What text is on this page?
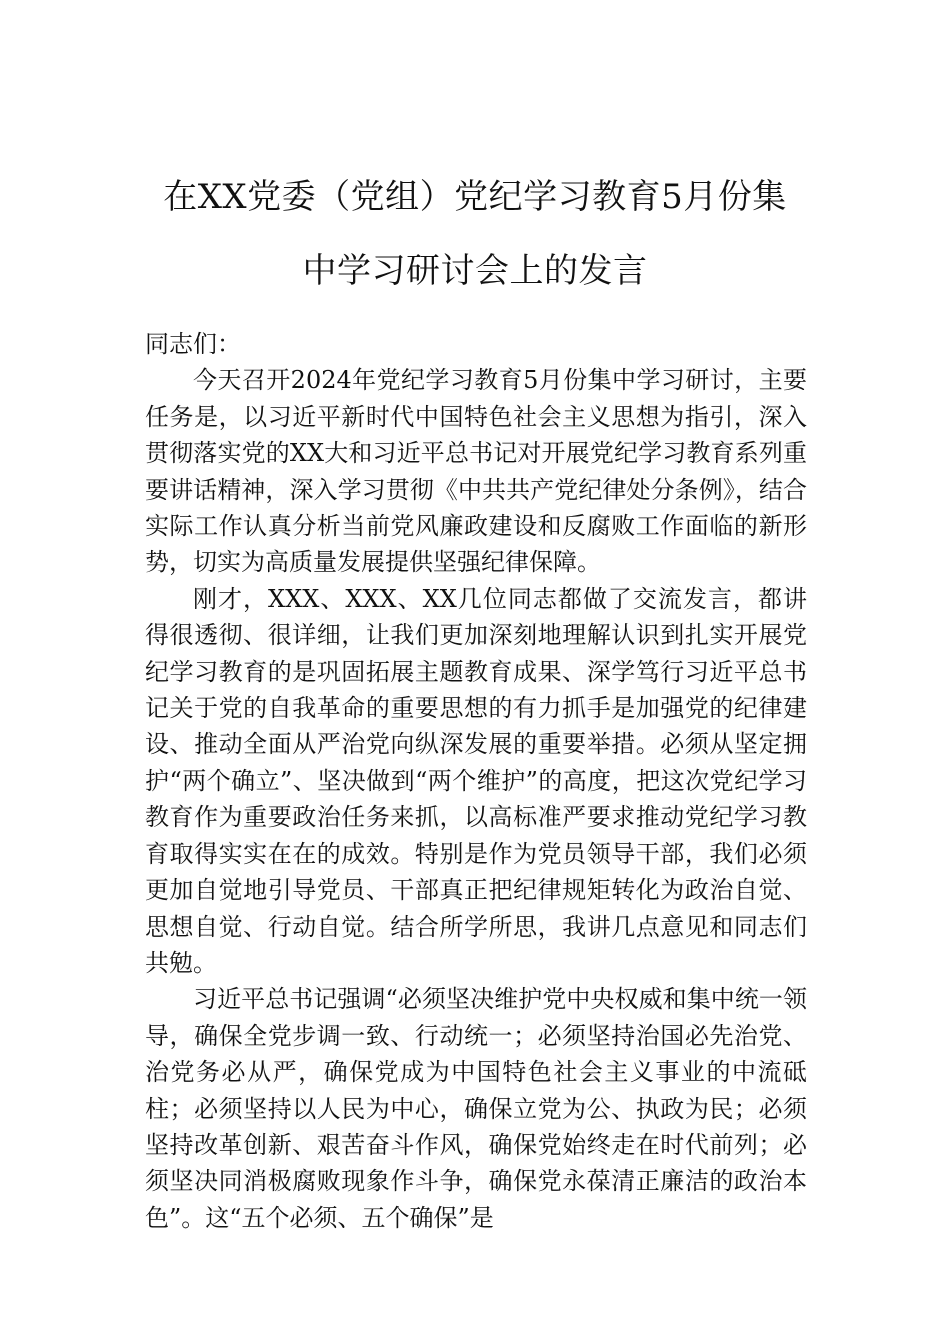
在XX党委（党组）党纪学习教育5月份集
中学习研讨会上的发言

同志们：

今天召开2024年党纪学习教育5月份集中学习研讨，主要任务是，以习近平新时代中国特色社会主义思想为指引，深入贯彻落实党的XX大和习近平总书记对开展党纪学习教育系列重要讲话精神，深入学习贯彻《中共共产党纪律处分条例》，结合实际工作认真分析当前党风廉政建设和反腐败工作面临的新形势，切实为高质量发展提供坚强纪律保障。

刚才，XXX、XXX、XX几位同志都做了交流发言，都讲得很透彻、很详细，让我们更加深刻地理解认识到扎实开展党纪学习教育的是巩固拓展主题教育成果、深学笃行习近平总书记关于党的自我革命的重要思想的有力抓手是加强党的纪律建设、推动全面从严治党向纵深发展的重要举措。必须从坚定拥护“两个确立”、坚决做到“两个维护”的高度，把这次党纪学习教育作为重要政治任务来抓，以高标准严要求推动党纪学习教育取得实实在在的成效。特别是作为党员领导干部，我们必须更加自觉地引导党员、干部真正把纪律规矩转化为政治自觉、思想自觉、行动自觉。结合所学所思，我讲几点意见和同志们共勉。

习近平总书记强调“必须坚决维护党中央权威和集中统一领导，确保全党步调一致、行动统一；必须坚持治国必先治党、治党务必从严，确保党成为中国特色社会主义事业的中流砥柱；必须坚持以人民为中心，确保立党为公、执政为民；必须坚持改革创新、艰苦奋斗作风，确保党始终走在时代前列；必须坚决同消极腐败现象作斗争，确保党永葆清正廉洁的政治本色”。这“五个必须、五个确保”是
